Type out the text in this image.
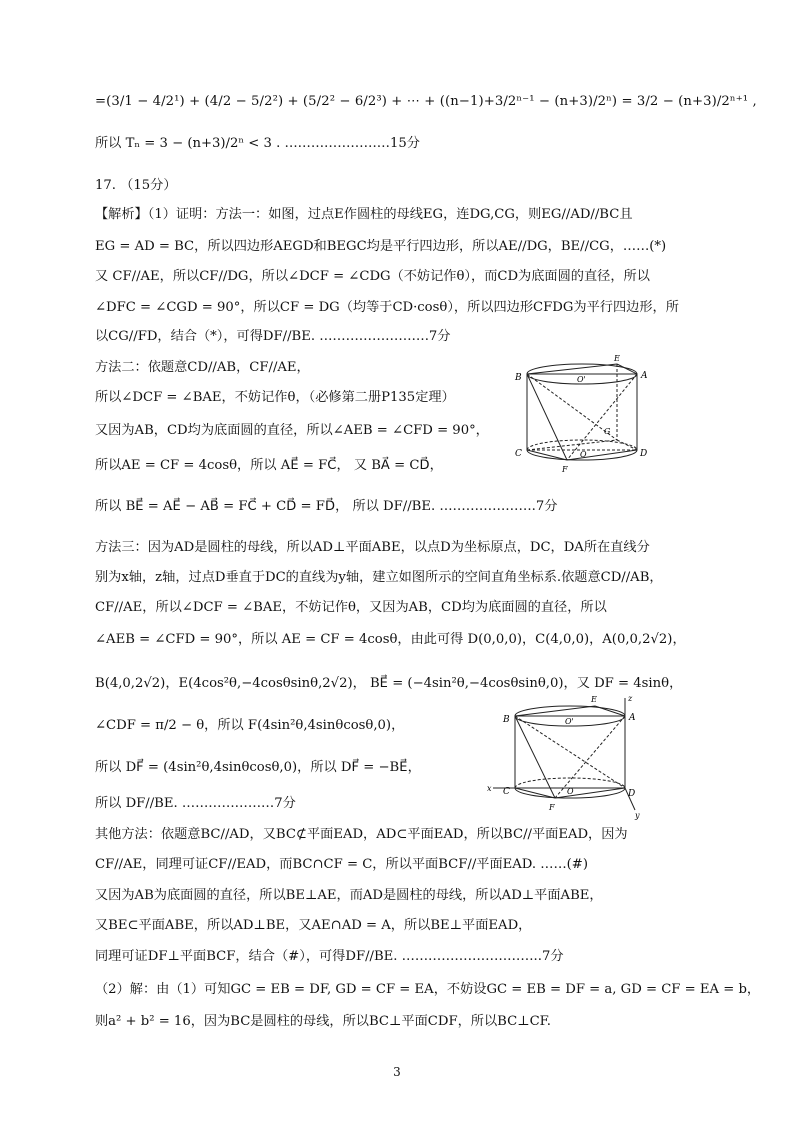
=(3/1 − 4/2¹) + (4/2 − 5/2²) + (5/2² − 6/2³) + ⋯ + ((n−1)+3/2ⁿ⁻¹ − (n+3)/2ⁿ) = 3/2 − (n+3)/2ⁿ⁺¹ ,
所以 Tₙ = 3 − (n+3)/2ⁿ < 3 . ……………………15分
17. （15分）
【解析】（1）证明：方法一：如图，过点E作圆柱的母线EG，连DG,CG，则EG//AD//BC且
EG = AD = BC，所以四边形AEGD和BEGC均是平行四边形，所以AE//DG，BE//CG，……(*)
又 CF//AE，所以CF//DG，所以∠DCF = ∠CDG（不妨记作θ），而CD为底面圆的直径，所以
∠DFC = ∠CGD = 90°，所以CF = DG（均等于CD·cosθ），所以四边形CFDG为平行四边形，所
以CG//FD，结合（*），可得DF//BE. …………………….7分
方法二：依题意CD//AB，CF//AE，
所以∠DCF = ∠BAE，不妨记作θ，（必修第二册P135定理）
又因为AB，CD均为底面圆的直径，所以∠AEB = ∠CFD = 90°，
所以AE = CF = 4cosθ，所以 AE⃗ = FC⃗， 又 BA⃗ = CD⃗，
所以 BE⃗ = AE⃗ − AB⃗ = FC⃗ + CD⃗ = FD⃗， 所以 DF//BE. ………………….7分
方法三：因为AD是圆柱的母线，所以AD⊥平面ABE，以点D为坐标原点，DC，DA所在直线分
别为x轴，z轴，过点D垂直于DC的直线为y轴，建立如图所示的空间直角坐标系.依题意CD//AB，
CF//AE，所以∠DCF = ∠BAE，不妨记作θ，又因为AB，CD均为底面圆的直径，所以
∠AEB = ∠CFD = 90°，所以 AE = CF = 4cosθ，由此可得 D(0,0,0)，C(4,0,0)，A(0,0,2√2)，
B(4,0,2√2)，E(4cos²θ,−4cosθsinθ,2√2)， BE⃗ = (−4sin²θ,−4cosθsinθ,0)，又 DF = 4sinθ，
∠CDF = π/2 − θ，所以 F(4sin²θ,4sinθcosθ,0)，
所以 DF⃗ = (4sin²θ,4sinθcosθ,0)，所以 DF⃗ = −BE⃗，
所以 DF//BE. …………………7分
其他方法：依题意BC//AD，又BC⊄平面EAD，AD⊂平面EAD，所以BC//平面EAD，因为
CF//AE，同理可证CF//EAD，而BC∩CF = C，所以平面BCF//平面EAD. ……(#)
又因为AB为底面圆的直径，所以BE⊥AE，而AD是圆柱的母线，所以AD⊥平面ABE，
又BE⊂平面ABE，所以AD⊥BE，又AE∩AD = A，所以BE⊥平面EAD，
同理可证DF⊥平面BCF，结合（#），可得DF//BE. …………………………..7分
（2）解：由（1）可知GC = EB = DF, GD = CF = EA，不妨设GC = EB = DF = a, GD = CF = EA = b，
则a² + b² = 16，因为BC是圆柱的母线，所以BC⊥平面CDF，所以BC⊥CF.
B	A
C	D
E
F
G
O'
O
B	A
C	D
E
F
O'
O
x
y
z
3
